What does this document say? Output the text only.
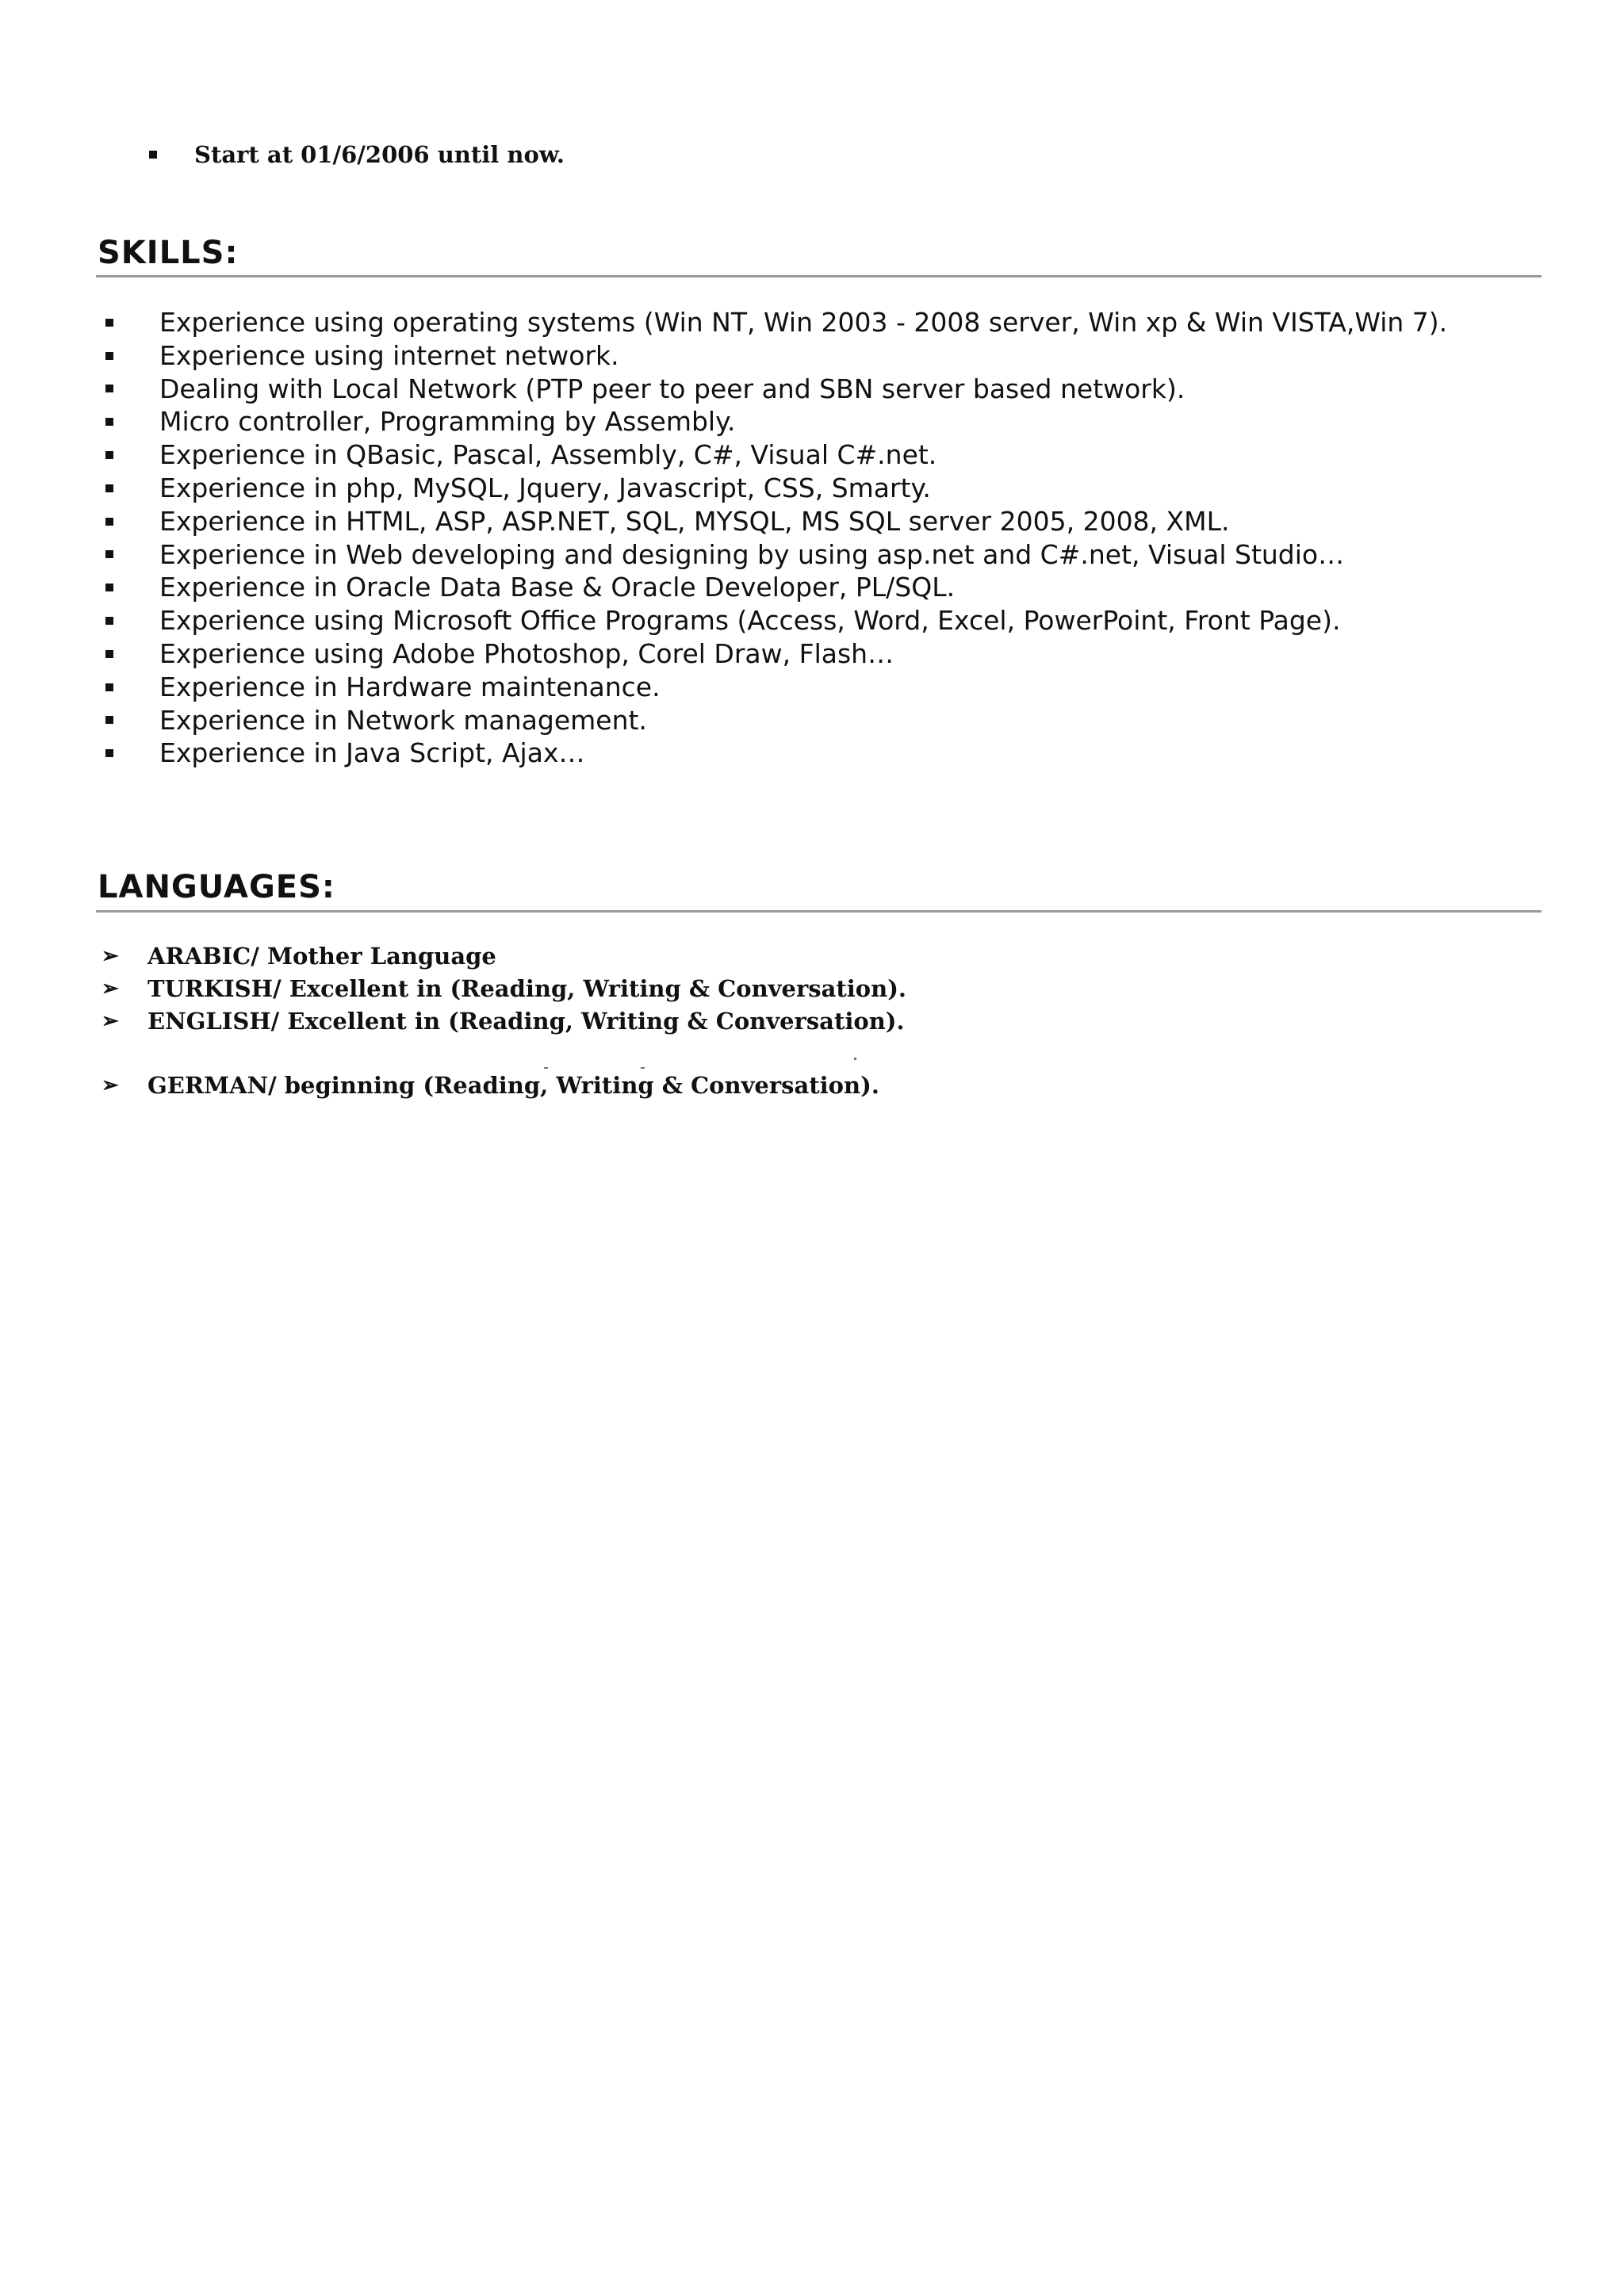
Start at 01/6/2006 until now.
SKILLS:
Experience using operating systems (Win NT, Win 2003 - 2008 server, Win xp & Win VISTA,Win 7).
Experience using internet network.
Dealing with Local Network (PTP peer to peer and SBN server based network).
Micro controller, Programming by Assembly.
Experience in QBasic, Pascal, Assembly, C#, Visual C#.net.
Experience in php, MySQL, Jquery, Javascript, CSS, Smarty.
Experience in HTML, ASP, ASP.NET, SQL, MYSQL, MS SQL server 2005, 2008, XML.
Experience in Web developing and designing by using asp.net and C#.net, Visual Studio…
Experience in Oracle Data Base & Oracle Developer, PL/SQL.
Experience using Microsoft Office Programs (Access, Word, Excel, PowerPoint, Front Page).
Experience using Adobe Photoshop, Corel Draw, Flash…
Experience in Hardware maintenance.
Experience in Network management.
Experience in Java Script, Ajax…
LANGUAGES:
➢ ARABIC/ Mother Language
➢ TURKISH/ Excellent in (Reading, Writing & Conversation).
➢ ENGLISH/ Excellent in (Reading, Writing & Conversation).
➢ GERMAN/ beginning (Reading, Writing & Conversation).
